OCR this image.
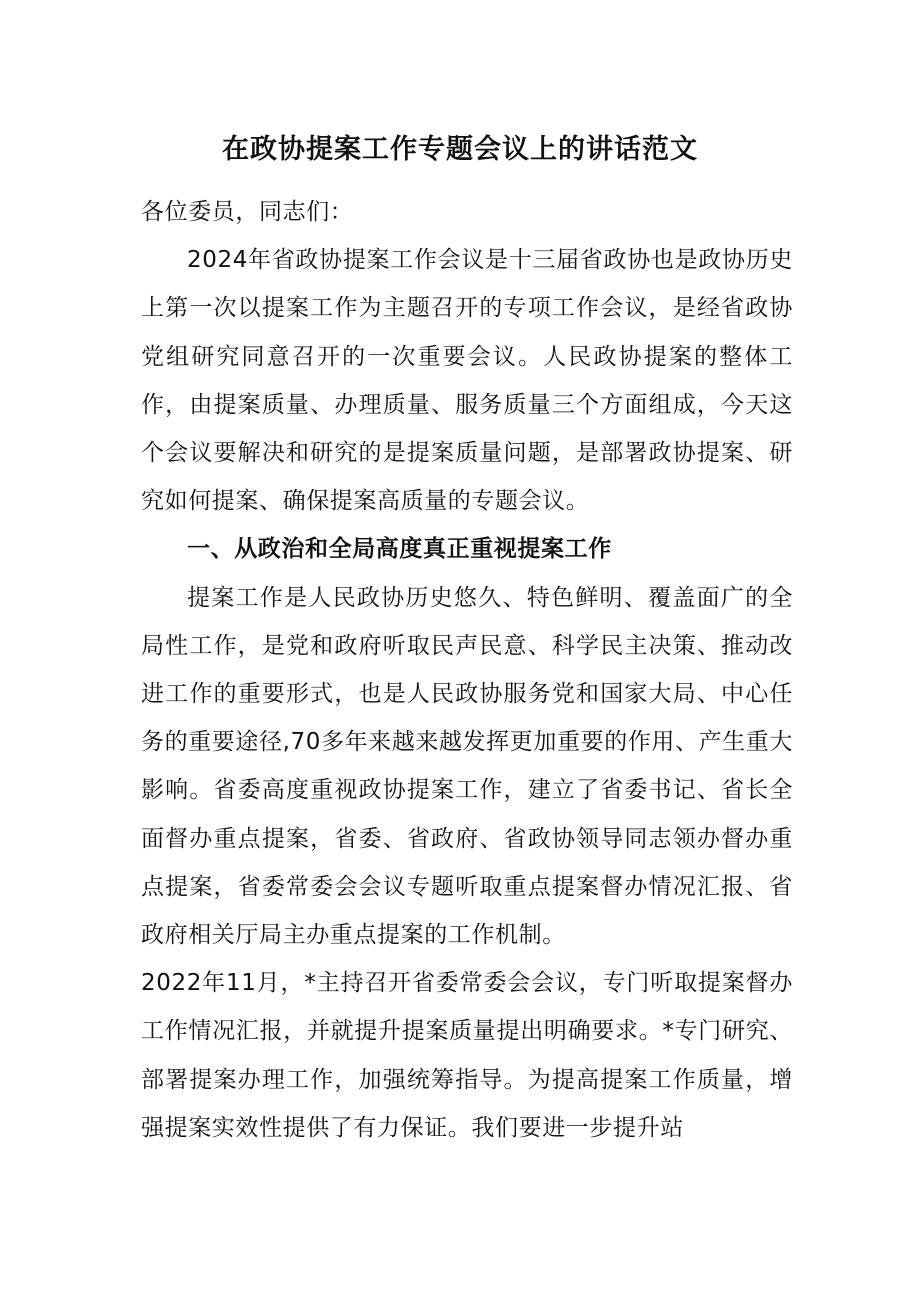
在政协提案工作专题会议上的讲话范文

各位委员，同志们：

2024年省政协提案工作会议是十三届省政协也是政协历史上第一次以提案工作为主题召开的专项工作会议，是经省政协党组研究同意召开的一次重要会议。人民政协提案的整体工作，由提案质量、办理质量、服务质量三个方面组成，今天这个会议要解决和研究的是提案质量问题，是部署政协提案、研究如何提案、确保提案高质量的专题会议。

一、从政治和全局高度真正重视提案工作

提案工作是人民政协历史悠久、特色鲜明、覆盖面广的全局性工作，是党和政府听取民声民意、科学民主决策、推动改进工作的重要形式，也是人民政协服务党和国家大局、中心任务的重要途径,70多年来越来越发挥更加重要的作用、产生重大影响。省委高度重视政协提案工作，建立了省委书记、省长全面督办重点提案，省委、省政府、省政协领导同志领办督办重点提案，省委常委会会议专题听取重点提案督办情况汇报、省政府相关厅局主办重点提案的工作机制。

2022年11月，*主持召开省委常委会会议，专门听取提案督办工作情况汇报，并就提升提案质量提出明确要求。*专门研究、部署提案办理工作，加强统筹指导。为提高提案工作质量，增强提案实效性提供了有力保证。我们要进一步提升站
